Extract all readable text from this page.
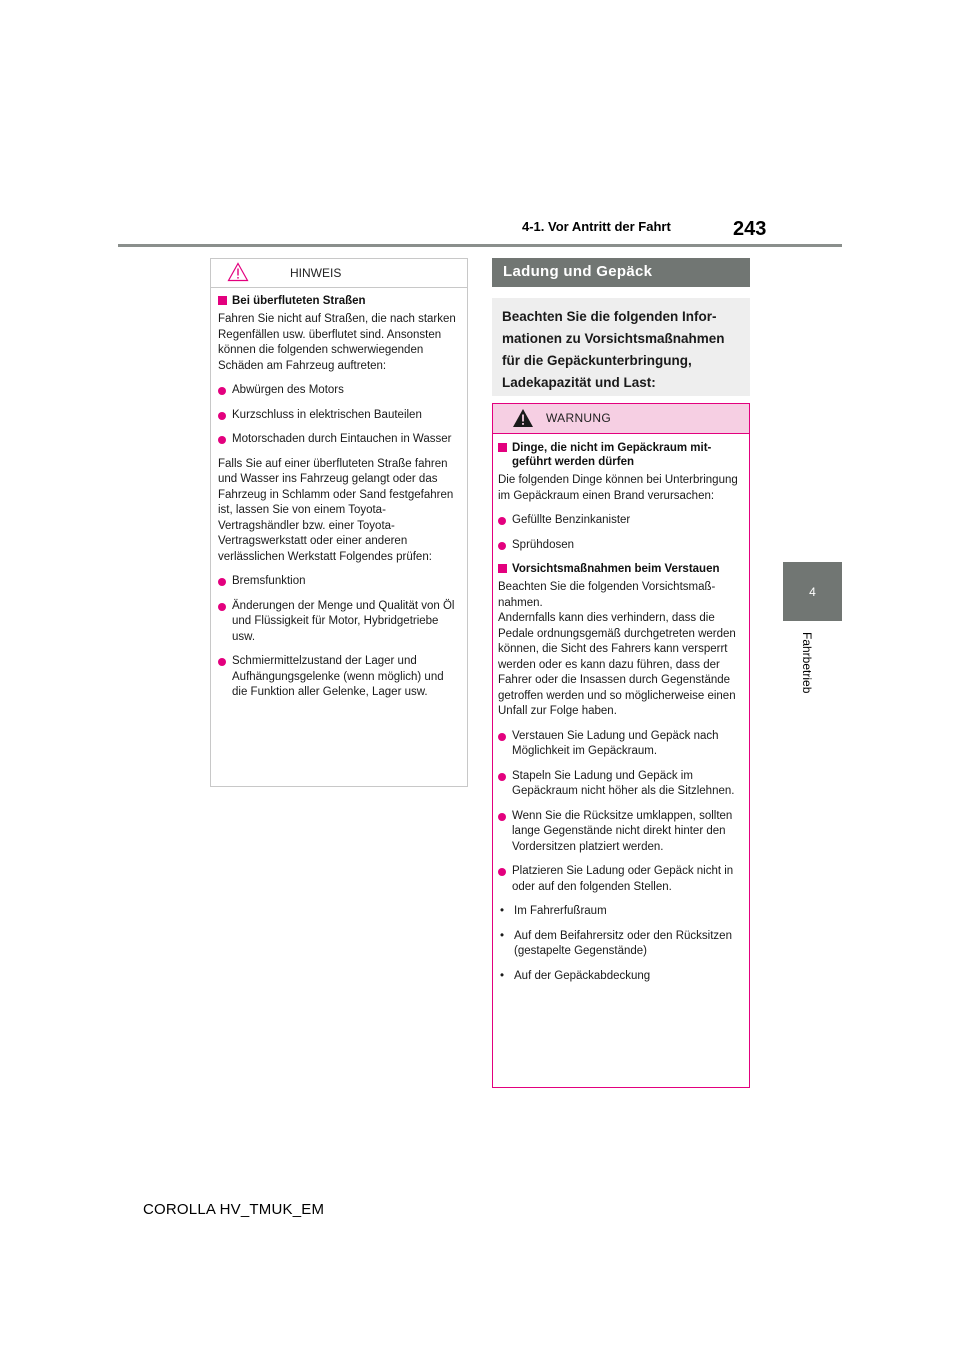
4-1. Vor Antritt der Fahrt	243
4
Fahrbetrieb
HINWEIS
Bei überfluteten Straßen

Fahren Sie nicht auf Straßen, die nach starken Regenfällen usw. überflutet sind. Ansonsten können die folgenden schwerwiegenden Schäden am Fahrzeug auftreten:

Abwürgen des Motors
Kurzschluss in elektrischen Bauteilen
Motorschaden durch Eintauchen in Wasser

Falls Sie auf einer überfluteten Straße fahren und Wasser ins Fahrzeug gelangt oder das Fahrzeug in Schlamm oder Sand festgefahren ist, lassen Sie von einem Toyota-Vertragshändler bzw. einer Toyota-Vertragswerkstatt oder einer anderen verlässlichen Werkstatt Folgendes prüfen:

Bremsfunktion
Änderungen der Menge und Qualität von Öl und Flüssigkeit für Motor, Hybridgetriebe usw.
Schmiermittelzustand der Lager und Aufhängungsgelenke (wenn möglich) und die Funktion aller Gelenke, Lager usw.
Ladung und Gepäck

Beachten Sie die folgenden Infor-

mationen zu Vorsichtsmaßnahmen

für die Gepäckunterbringung,

Ladekapazität und Last:

WARNUNG
Dinge, die nicht im Gepäckraum mitgeführt werden dürfen

Die folgenden Dinge können bei Unterbringung im Gepäckraum einen Brand verursachen:

Gefüllte Benzinkanister
Sprühdosen
Vorsichtsmaßnahmen beim Verstauen

Beachten Sie die folgenden Vorsichtsmaßnahmen.

Andernfalls kann dies verhindern, dass die Pedale ordnungsgemäß durchgetreten werden können, die Sicht des Fahrers kann versperrt werden oder es kann dazu führen, dass der Fahrer oder die Insassen durch Gegenstände getroffen werden und so möglicherweise einen Unfall zur Folge haben.

Verstauen Sie Ladung und Gepäck nach Möglichkeit im Gepäckraum.
Stapeln Sie Ladung und Gepäck im Gepäckraum nicht höher als die Sitzlehnen.
Wenn Sie die Rücksitze umklappen, sollten lange Gegenstände nicht direkt hinter den Vordersitzen platziert werden.
Platzieren Sie Ladung oder Gepäck nicht in oder auf den folgenden Stellen.
• Im Fahrerfußraum
• Auf dem Beifahrersitz oder den Rücksitzen (gestapelte Gegenstände)
• Auf der Gepäckabdeckung
COROLLA HV_TMUK_EM
